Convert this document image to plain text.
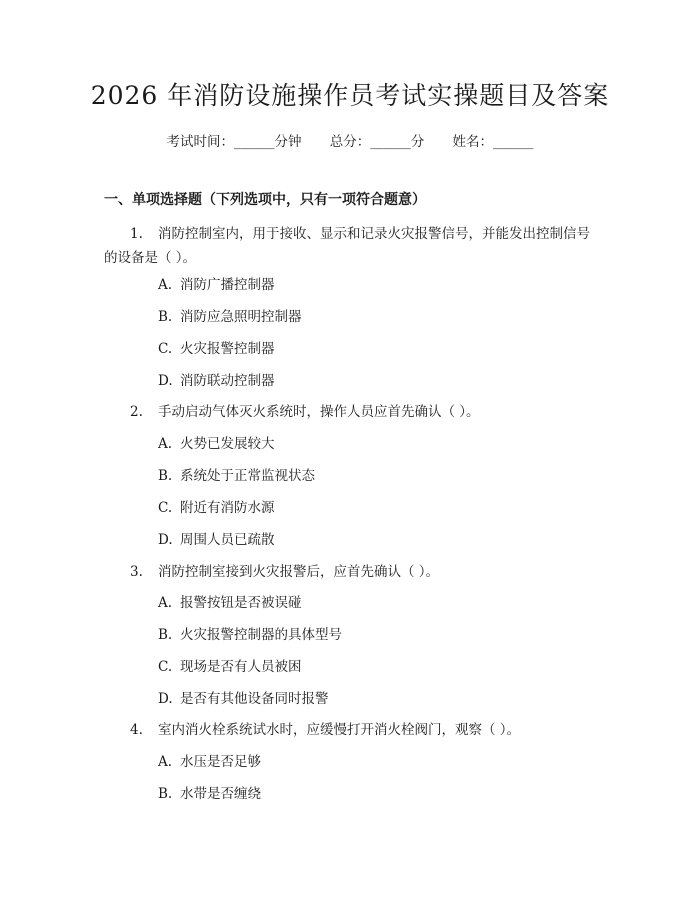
2026 年消防设施操作员考试实操题目及答案
考试时间：______分钟 总分：______分 姓名：______
一、单项选择题（下列选项中，只有一项符合题意）
1. 消防控制室内，用于接收、显示和记录火灾报警信号，并能发出控制信号
的设备是（ ）。
A. 消防广播控制器
B. 消防应急照明控制器
C. 火灾报警控制器
D. 消防联动控制器
2. 手动启动气体灭火系统时，操作人员应首先确认（ ）。
A. 火势已发展较大
B. 系统处于正常监视状态
C. 附近有消防水源
D. 周围人员已疏散
3. 消防控制室接到火灾报警后，应首先确认（ ）。
A. 报警按钮是否被误碰
B. 火灾报警控制器的具体型号
C. 现场是否有人员被困
D. 是否有其他设备同时报警
4. 室内消火栓系统试水时，应缓慢打开消火栓阀门，观察（ ）。
A. 水压是否足够
B. 水带是否缠绕
